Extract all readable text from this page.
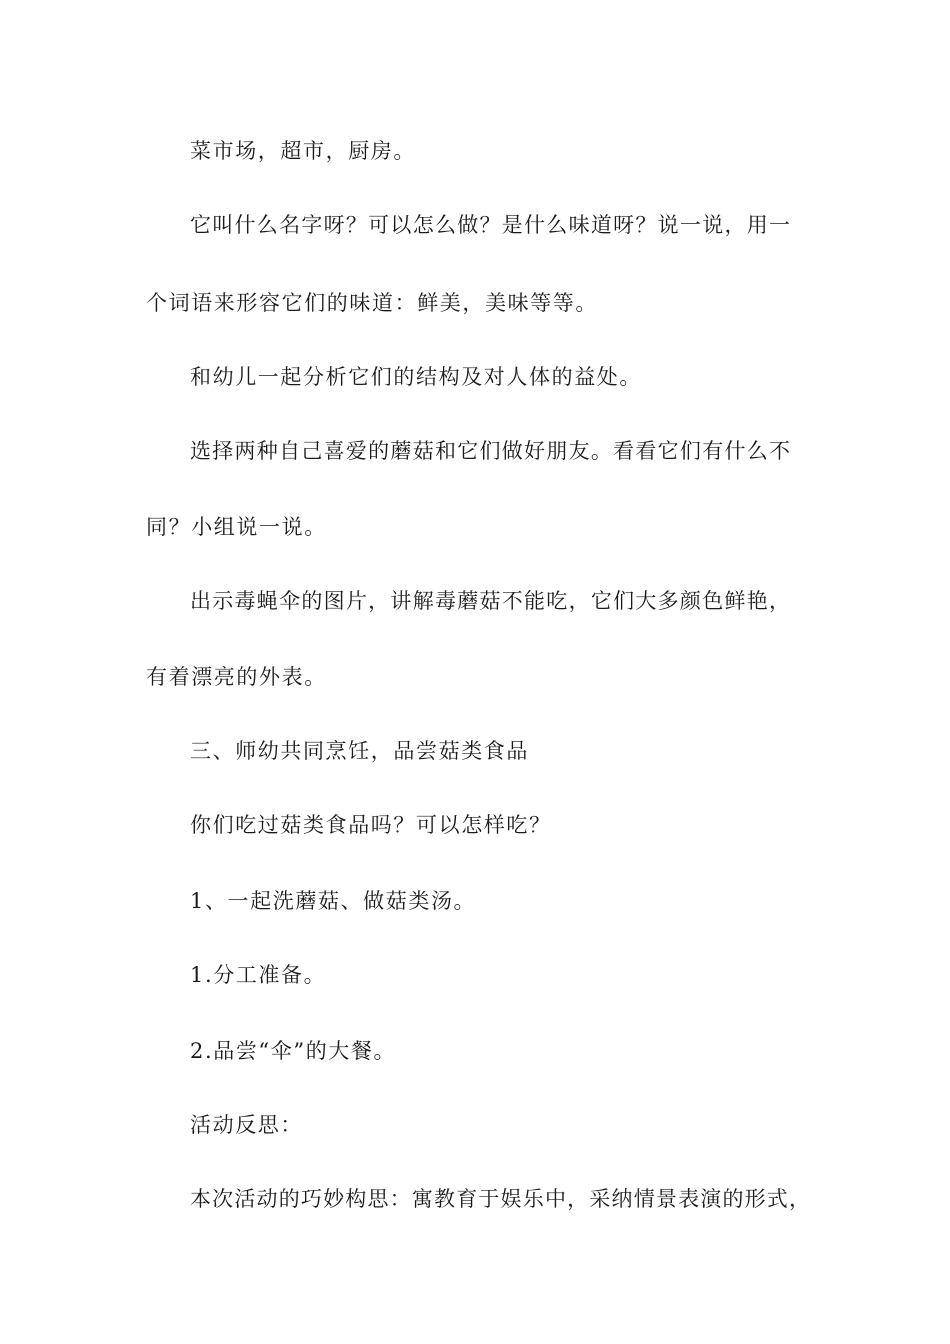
菜市场，超市，厨房。
它叫什么名字呀？可以怎么做？是什么味道呀？说一说，用一
个词语来形容它们的味道：鲜美，美味等等。
和幼儿一起分析它们的结构及对人体的益处。
选择两种自己喜爱的蘑菇和它们做好朋友。看看它们有什么不
同？小组说一说。
出示毒蝇伞的图片，讲解毒蘑菇不能吃，它们大多颜色鲜艳，
有着漂亮的外表。
三、师幼共同烹饪，品尝菇类食品
你们吃过菇类食品吗？可以怎样吃？
1、一起洗蘑菇、做菇类汤。
1.分工准备。
2.品尝“伞”的大餐。
活动反思：
本次活动的巧妙构思：寓教育于娱乐中，采纳情景表演的形式，
